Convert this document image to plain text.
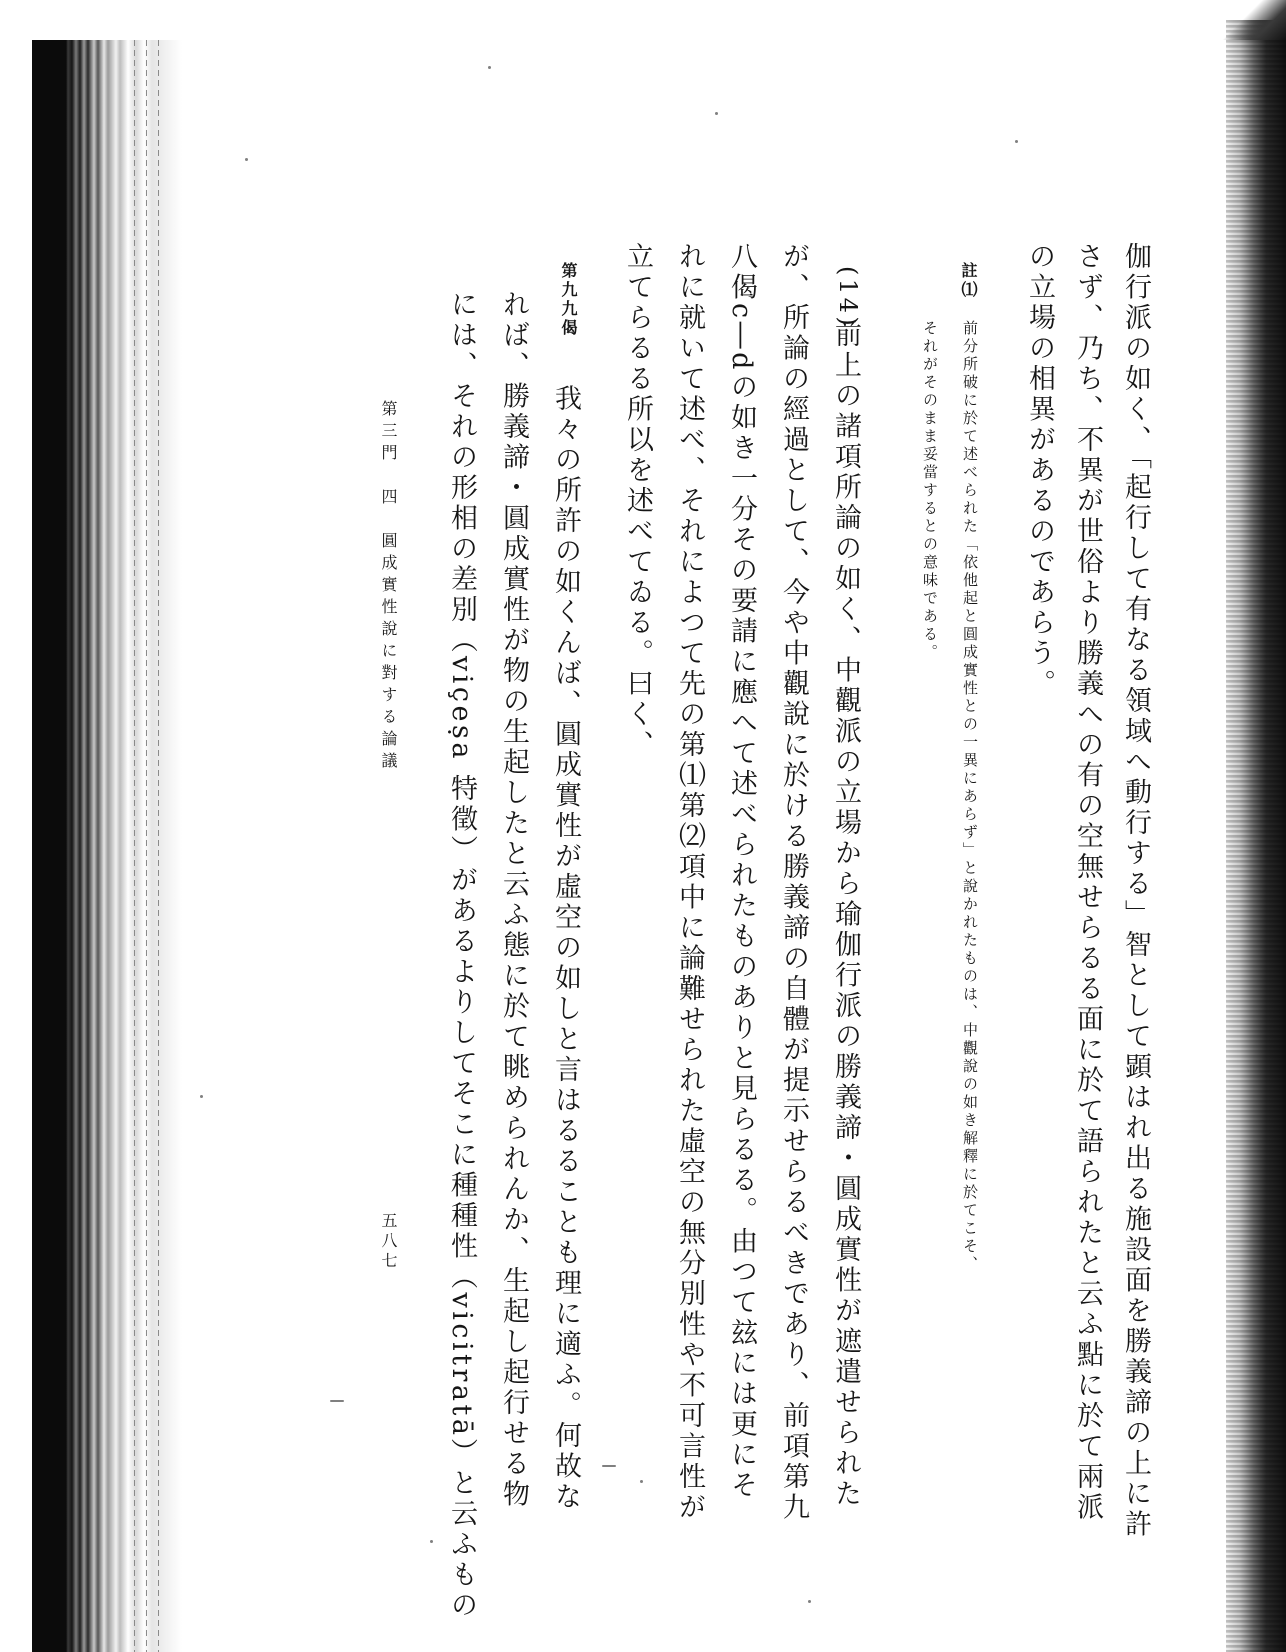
伽行派の如く、「起行して有なる領域へ動行する」智として顕はれ出る施設面を勝義諦の上に許
さず、乃ち、不異が世俗より勝義への有の空無せらるる面に於て語られたと云ふ點に於て兩派
の立場の相異があるのであらう。
註⑴
前分所破に於て述べられた「依他起と圓成實性との一異にあらず」と說かれたものは、中觀說の如き解釋に於てこそ、
それがそのまま妥當するとの意味である。
(14)
前上の諸項所論の如く、中觀派の立場から瑜伽行派の勝義諦・圓成實性が遮遣せられた
が、所論の經過として、今や中觀說に於ける勝義諦の自體が提示せらるべきであり、前項第九
八偈c―dの如き一分その要請に應へて述べられたものありと見らるる。由つて玆には更にそ
れに就いて述べ、それによつて先の第⑴第⑵項中に論難せられた虛空の無分別性や不可言性が
立てらるる所以を述べてゐる。曰く、
第九九偈
我々の所許の如くんば、圓成實性が虛空の如しと言はるることも理に適ふ。何故な
れば、勝義諦・圓成實性が物の生起したと云ふ態に於て眺められんか、生起し起行せる物
には、それの形相の差別（viçeṣa 特徵）があるよりしてそこに種種性（vicitratā）と云ふもの
第三門　四　圓成實性說に對する論議
五八七
